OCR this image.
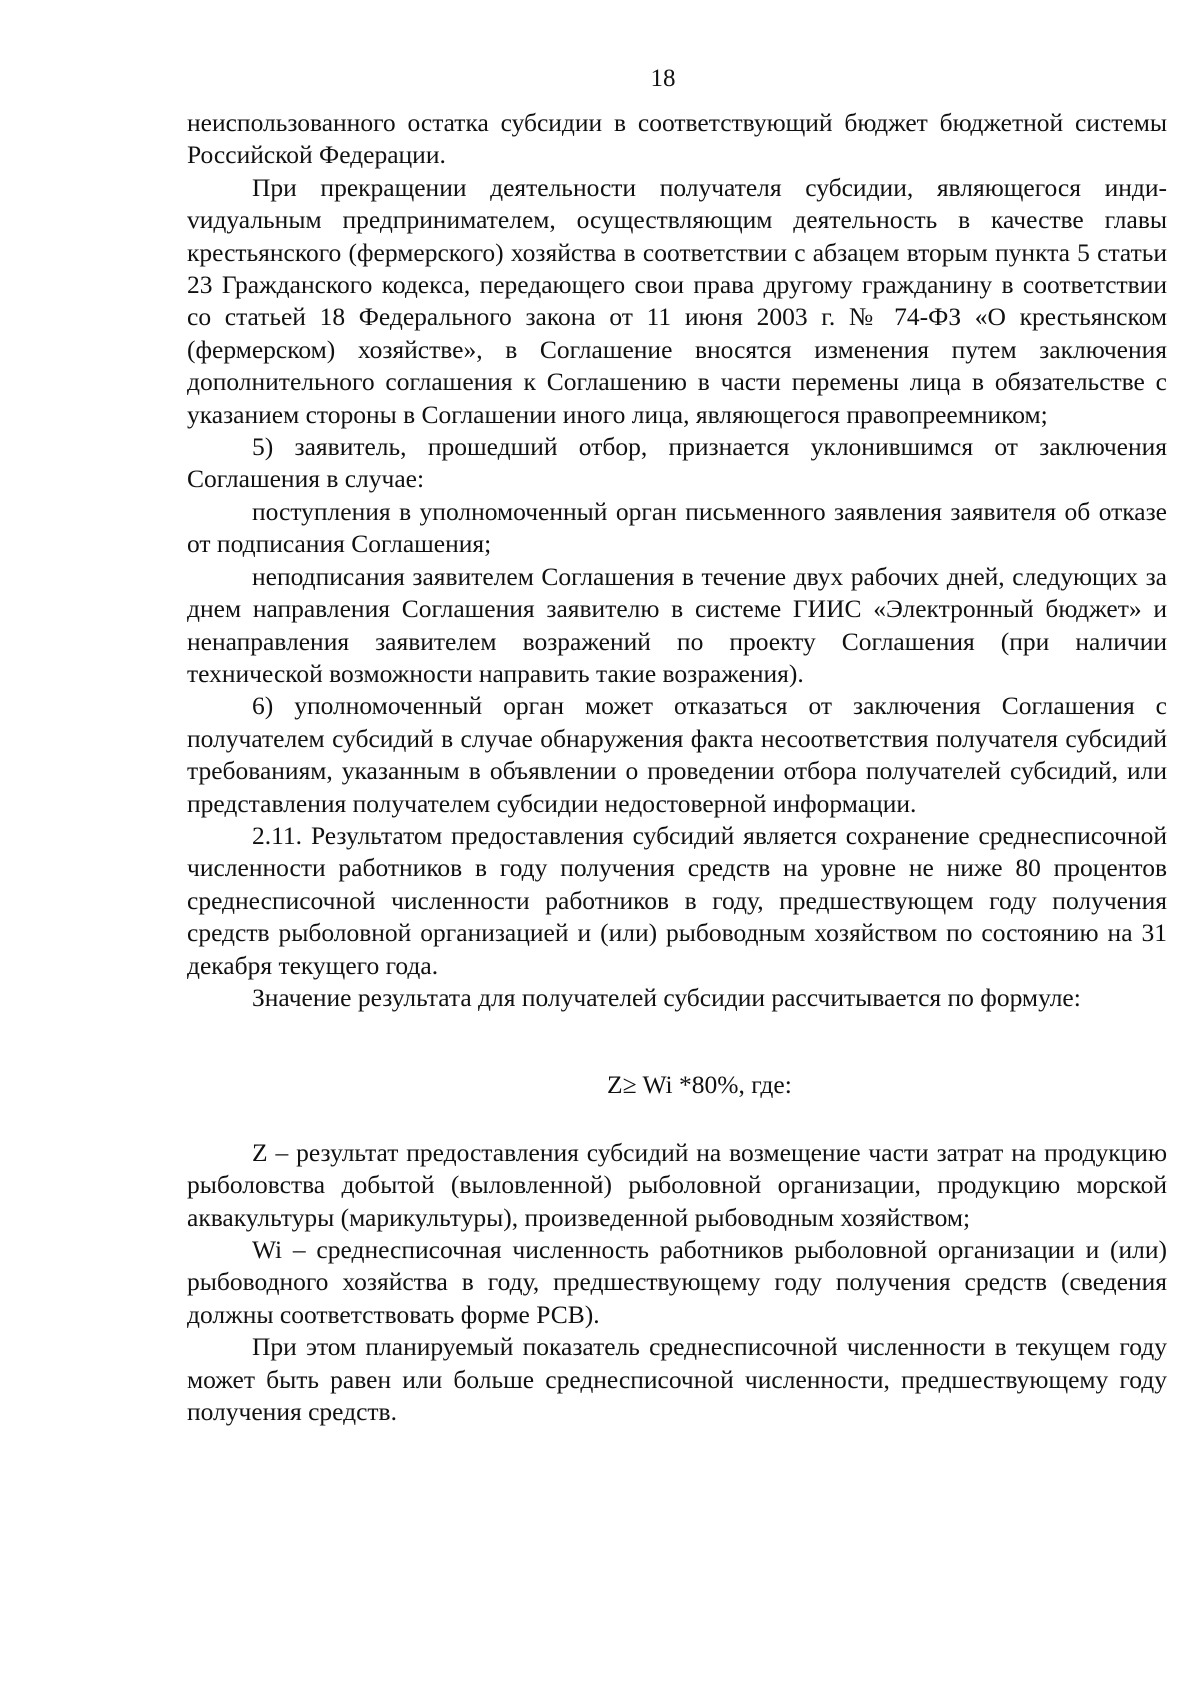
18

неиспользованного остатка субсидии в соответствующий бюджет бюджетной системы Российской Федерации.

При прекращении деятельности получателя субсидии, являющегося индиvидуальным предпринимателем, осуществляющим деятельность в качестве главы крестьянского (фермерского) хозяйства в соответствии с абзацем вторым пункта 5 статьи 23 Гражданского кодекса, передающего свои права другому гражданину в соответствии со статьей 18 Федерального закона от 11 июня 2003 г. № 74-ФЗ «О крестьянском (фермерском) хозяйстве», в Соглашение вносятся изменения путем заключения дополнительного соглашения к Соглашению в части перемены лица в обязательстве с указанием стороны в Соглашении иного лица, являющегося правопреемником;

5) заявитель, прошедший отбор, признается уклонившимся от заключения Соглашения в случае:

поступления в уполномоченный орган письменного заявления заявителя об отказе от подписания Соглашения;

неподписания заявителем Соглашения в течение двух рабочих дней, следующих за днем направления Соглашения заявителю в системе ГИИС «Электронный бюджет» и ненаправления заявителем возражений по проекту Соглашения (при наличии технической возможности направить такие возражения).

6) уполномоченный орган может отказаться от заключения Соглашения с получателем субсидий в случае обнаружения факта несоответствия получателя субсидий требованиям, указанным в объявлении о проведении отбора получателей субсидий, или представления получателем субсидии недостоверной информации.

2.11. Результатом предоставления субсидий является сохранение среднесписочной численности работников в году получения средств на уровне не ниже 80 процентов среднесписочной численности работников в году, предшествующем году получения средств рыболовной организацией и (или) рыбоводным хозяйством по состоянию на 31 декабря текущего года.

Значение результата для получателей субсидии рассчитывается по формуле:

Z≥ Wi *80%, где:

Z – результат предоставления субсидий на возмещение части затрат на продукцию рыболовства добытой (выловленной) рыболовной организации, продукцию морской аквакультуры (марикультуры), произведенной рыбоводным хозяйством;

Wi – среднесписочная численность работников рыболовной организации и (или) рыбоводного хозяйства в году, предшествующему году получения средств (сведения должны соответствовать форме РСВ).

При этом планируемый показатель среднесписочной численности в текущем году может быть равен или больше среднесписочной численности, предшествующему году получения средств.
